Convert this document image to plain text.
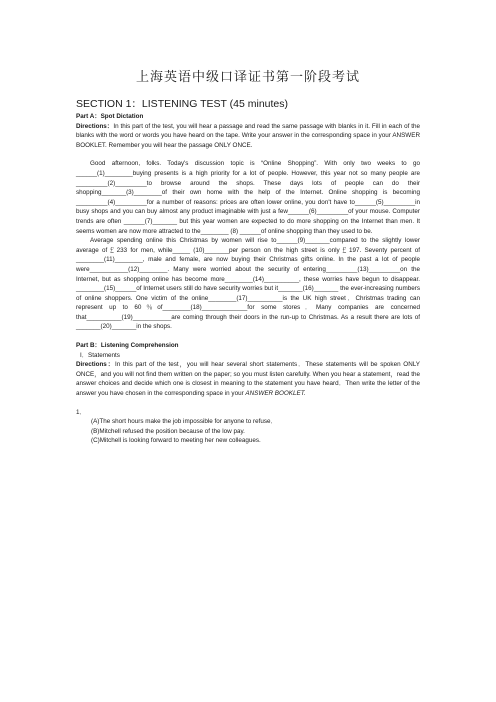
上海英语中级口译证书第一阶段考试
SECTION 1：LISTENING TEST (45 minutes)

Part A：Spot Dictation

Directions：In this part of the test, you will hear a passage and read the same passage with blanks in it. Fill in each of the blanks with the word or words you have heard on the tape. Write your answer in the corresponding space in your ANSWER BOOKLET. Remember you will hear the passage ONLY ONCE.

Good afternoon, folks. Today's discussion topic is “Online Shopping”. With only two weeks to go ______(1)________buying presents is a high priority for a lot of people. However, this year not so many people are _________(2)_________to browse around the shops. These days lots of people can do their shopping_______(3)________of their own home with the help of the Internet. Online shopping is becoming _________(4)_________for a number of reasons: prices are often lower online, you don't have to______(5)_________in busy shops and you can buy almost any product imaginable with just a few______(6)_________of your mouse. Computer trends are often ______(7)_______ but this year women are expected to do more shopping on the Internet than men. It seems women are now more attracted to the________ (8) ______of online shopping than they used to be.

Average spending online this Christmas by women will rise to______(9)_______compared to the slightly lower average of￡233 for men, while_____ (10)_______per person on the high street is only￡197. Seventy percent of ________(11)________, male and female, are now buying their Christmas gifts online. In the past a lot of people were___________(12)________. Many were worried about the security of entering_________(13)_________on the Internet, but as shopping online has become more________(14)__________, these worries have begun to disappear. ________(15)______of Internet users still do have security worries but it_______(16)_______ the ever-increasing numbers of online shoppers. One victim of the online________(17)__________is the UK high street．Christmas trading can represent up to 60％of________(18)_____________for some stores．Many companies are concerned that__________(19)___________are coming through their doors in the run-up to Christmas. As a result there are lots of _______(20)_______in the shops.

Part B：Listening Comprehension

I．Statements

Directions：In this part of the test，you will hear several short statements．These statements will be spoken ONLY ONCE，and you will not find them written on the paper; so you must listen carefully. When you hear a statement，read the answer choices and decide which one is closest in meaning to the statement you have heard．Then write the letter of the answer you have chosen in the corresponding space in your ANSWER BOOKLET.

1．

(A)The short hours make the job impossible for anyone to refuse．

(B)Mitchell refused the position because of the low pay.

(C)Mitchell is looking forward to meeting her new colleagues.
